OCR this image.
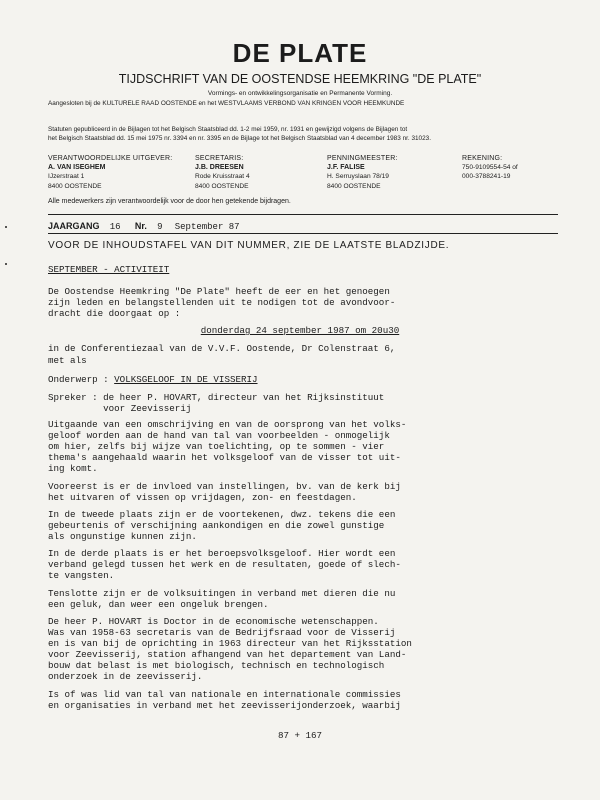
DE PLATE
TIJDSCHRIFT VAN DE OOSTENDSE HEEMKRING "DE PLATE"
Vormings- en ontwikkelingsorganisatie en Permanente Vorming.
Aangesloten bij de KULTURELE RAAD OOSTENDE en het WESTVLAAMS VERBOND VAN KRINGEN VOOR HEEMKUNDE
Statuten gepubliceerd in de Bijlagen tot het Belgisch Staatsblad dd. 1-2 mei 1959, nr. 1931 en gewijzigd volgens de Bijlagen tot
het Belgisch Staatsblad dd. 15 mei 1975 nr. 3394 en nr. 3395 en de Bijlage tot het Belgisch Staatsblad van 4 december 1983 nr. 31023.
VERANTWOORDELIJKE UITGEVER:
A. VAN ISEGHEM
IJzerstraat 1
8400 OOSTENDE
SECRETARIS:
J.B. DREESEN
Rode Kruisstraat 4
8400 OOSTENDE
PENNINGMEESTER:
J.F. FALISE
H. Serruyslaan 78/19
8400 OOSTENDE
REKENING:
750-9109554-54 of
000-3788241-19
Alle medewerkers zijn verantwoordelijk voor de door hen getekende bijdragen.
JAARGANG 16 Nr. 9 September 87
VOOR DE INHOUDSTAFEL VAN DIT NUMMER, ZIE DE LAATSTE BLADZIJDE.
SEPTEMBER - ACTIVITEIT
De Oostendse Heemkring "De Plate" heeft de eer en het genoegen
zijn leden en belangstellenden uit te nodigen tot de avondvoor-
dracht die doorgaat op :
donderdag 24 september 1987 om 20u30
in de Conferentiezaal van de V.V.F. Oostende, Dr Colenstraat 6,
met als
Onderwerp : VOLKSGELOOF IN DE VISSERIJ
Spreker : de heer P. HOVART, directeur van het Rijksinstituut
voor Zeevisserij
Uitgaande van een omschrijving en van de oorsprong van het volks-
geloof worden aan de hand van tal van voorbeelden - onmogelijk
om hier, zelfs bij wijze van toelichting, op te sommen - vier
thema's aangehaald waarin het volksgeloof van de visser tot uit-
ing komt.
Vooreerst is er de invloed van instellingen, bv. van de kerk bij
het uitvaren of vissen op vrijdagen, zon- en feestdagen.
In de tweede plaats zijn er de voortekenen, dwz. tekens die een
gebeurtenis of verschijning aankondigen en die zowel gunstige
als ongunstige kunnen zijn.
In de derde plaats is er het beroepsvolksgeloof. Hier wordt een
verband gelegd tussen het werk en de resultaten, goede of slech-
te vangsten.
Tenslotte zijn er de volksuitingen in verband met dieren die nu
een geluk, dan weer een ongeluk brengen.
De heer P. HOVART is Doctor in de economische wetenschappen.
Was van 1958-63 secretaris van de Bedrijfsraad voor de Visserij
en is van bij de oprichting in 1963 directeur van het Rijksstation
voor Zeevisserij, station afhangend van het departement van Land-
bouw dat belast is met biologisch, technisch en technologisch
onderzoek in de zeevisserij.
Is of was lid van tal van nationale en internationale commissies
en organisaties in verband met het zeevisserijonderzoek, waarbij
87 + 167
